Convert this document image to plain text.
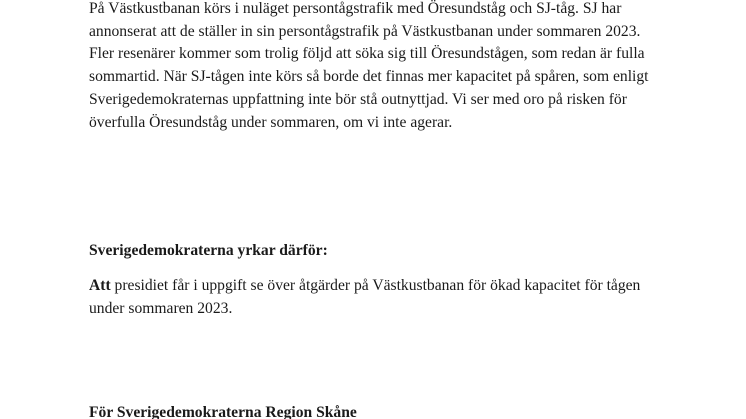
På Västkustbanan körs i nuläget persontågstrafik med Öresundståg och SJ-tåg. SJ har annonserat att de ställer in sin persontågstrafik på Västkustbanan under sommaren 2023. Fler resenärer kommer som trolig följd att söka sig till Öresundstågen, som redan är fulla sommartid. När SJ-tågen inte körs så borde det finnas mer kapacitet på spåren, som enligt Sverigedemokraternas uppfattning inte bör stå outnyttjad. Vi ser med oro på risken för överfulla Öresundståg under sommaren, om vi inte agerar.

Sverigedemokraterna yrkar därför:

Att presidiet får i uppgift se över åtgärder på Västkustbanan för ökad kapacitet för tågen under sommaren 2023.

För Sverigedemokraterna Region Skåne
